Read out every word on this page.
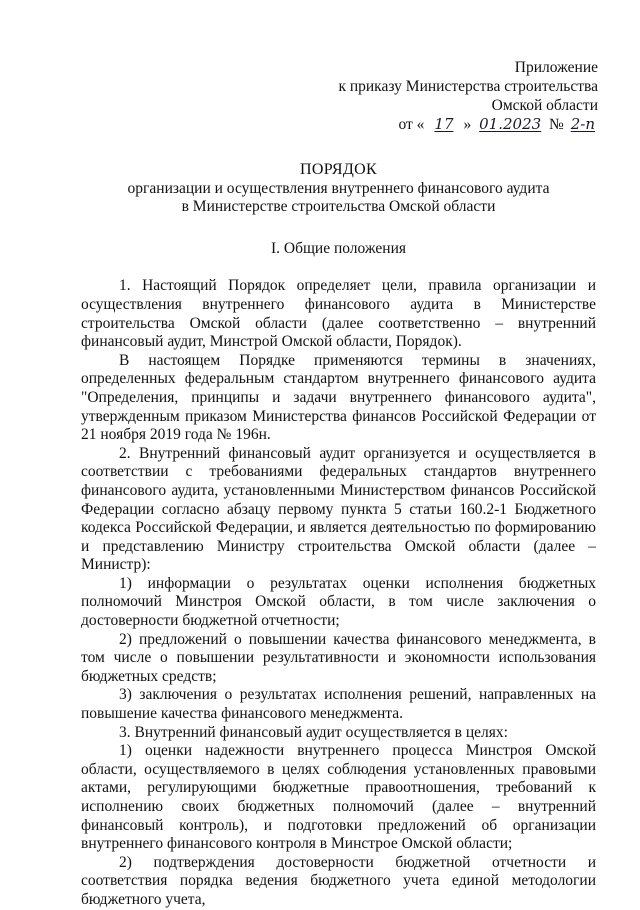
Приложение
к приказу Министерства строительства
Омской области
от « 17 » 01.2023 № 2-п
ПОРЯДОК
организации и осуществления внутреннего финансового аудита
в Министерстве строительства Омской области
I. Общие положения

1. Настоящий Порядок определяет цели, правила организации и осуществления внутреннего финансового аудита в Министерстве строительства Омской области (далее соответственно – внутренний финансовый аудит, Минстрой Омской области, Порядок).

В настоящем Порядке применяются термины в значениях, определенных федеральным стандартом внутреннего финансового аудита "Определения, принципы и задачи внутреннего финансового аудита", утвержденным приказом Министерства финансов Российской Федерации от 21 ноября 2019 года № 196н.

2. Внутренний финансовый аудит организуется и осуществляется в соответствии с требованиями федеральных стандартов внутреннего финансового аудита, установленными Министерством финансов Российской Федерации согласно абзацу первому пункта 5 статьи 160.2-1 Бюджетного кодекса Российской Федерации, и является деятельностью по формированию и представлению Министру строительства Омской области (далее – Министр):

1) информации о результатах оценки исполнения бюджетных полномочий Минстроя Омской области, в том числе заключения о достоверности бюджетной отчетности;

2) предложений о повышении качества финансового менеджмента, в том числе о повышении результативности и экономности использования бюджетных средств;

3) заключения о результатах исполнения решений, направленных на повышение качества финансового менеджмента.

3. Внутренний финансовый аудит осуществляется в целях:

1) оценки надежности внутреннего процесса Минстроя Омской области, осуществляемого в целях соблюдения установленных правовыми актами, регулирующими бюджетные правоотношения, требований к исполнению своих бюджетных полномочий (далее – внутренний финансовый контроль), и подготовки предложений об организации внутреннего финансового контроля в Минстрое Омской области;

2) подтверждения достоверности бюджетной отчетности и соответствия порядка ведения бюджетного учета единой методологии бюджетного учета,
